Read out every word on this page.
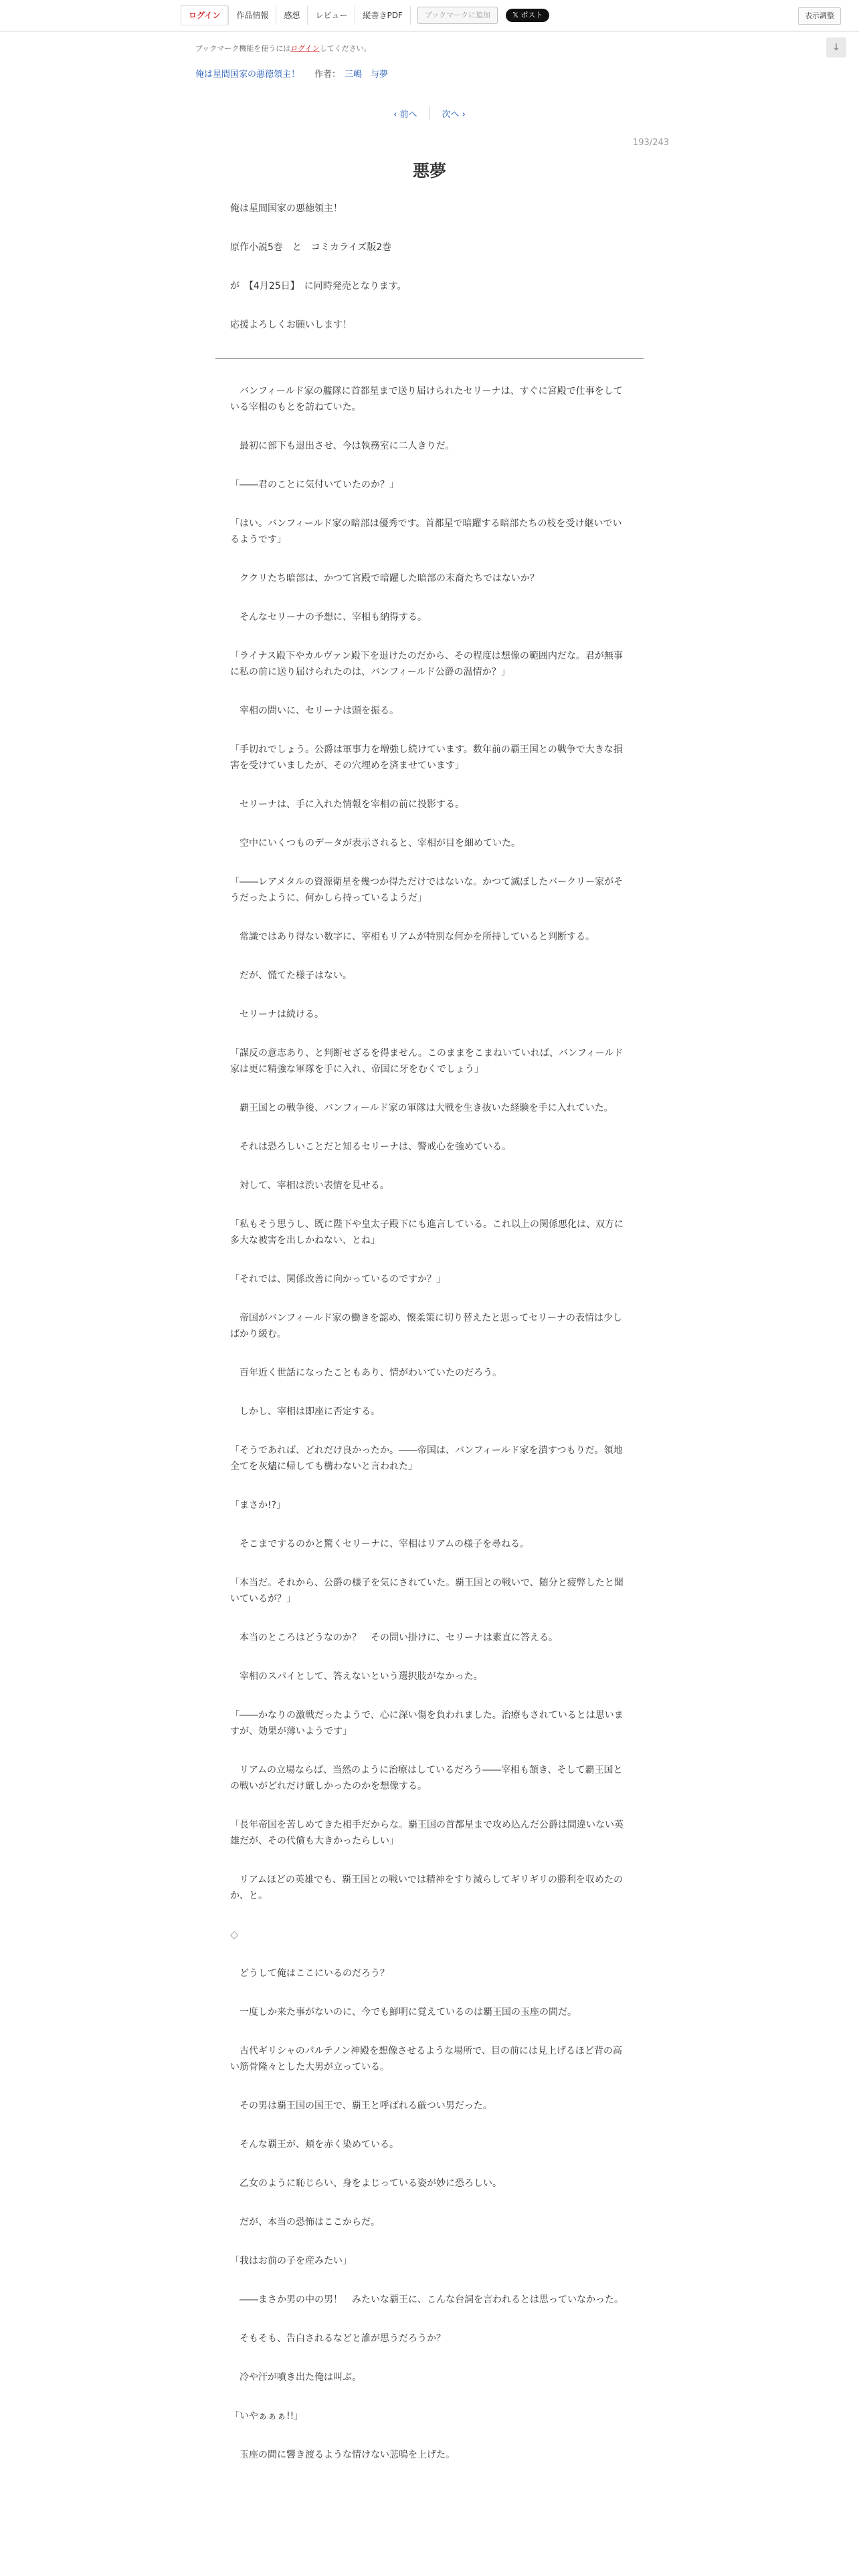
ログイン	作品情報	感想	レビュー	縦書きPDF	ブックマークに追加	𝕏 ポスト	表示調整
ブックマーク機能を使うにはログインしてください。	↓
俺は星間国家の悪徳領主！ 作者： 三嶋　与夢
‹ 前へ	次へ ›
193/243
悪夢

俺は星間国家の悪徳領主！

原作小説5巻　と　コミカライズ版2巻

が　【4月25日】　に同時発売となります。

応援よろしくお願いします！

　バンフィールド家の艦隊に首都星まで送り届けられたセリーナは、すぐに宮殿で仕事をしている宰相のもとを訪ねていた。

　最初に部下も退出させ、今は執務室に二人きりだ。

「――君のことに気付いていたのか？」

「はい。バンフィールド家の暗部は優秀です。首都星で暗躍する暗部たちの枝を受け継いでいるようです」

　ククリたち暗部は、かつて宮殿で暗躍した暗部の末裔たちではないか？

　そんなセリーナの予想に、宰相も納得する。

「ライナス殿下やカルヴァン殿下を退けたのだから、その程度は想像の範囲内だな。君が無事に私の前に送り届けられたのは、バンフィールド公爵の温情か？」

　宰相の問いに、セリーナは頭を振る。

「手切れでしょう。公爵は軍事力を増強し続けています。数年前の覇王国との戦争で大きな損害を受けていましたが、その穴埋めを済ませています」

　セリーナは、手に入れた情報を宰相の前に投影する。

　空中にいくつものデータが表示されると、宰相が目を細めていた。

「――レアメタルの資源衛星を幾つか得ただけではないな。かつて滅ぼしたバークリー家がそうだったように、何かしら持っているようだ」

　常識ではあり得ない数字に、宰相もリアムが特別な何かを所持していると判断する。

　だが、慌てた様子はない。

　セリーナは続ける。

「謀反の意志あり、と判断せざるを得ません。このままをこまねいていれば、バンフィールド家は更に精強な軍隊を手に入れ、帝国に牙をむくでしょう」

　覇王国との戦争後、バンフィールド家の軍隊は大戦を生き抜いた経験を手に入れていた。

　それは恐ろしいことだと知るセリーナは、警戒心を強めている。

　対して、宰相は渋い表情を見せる。

「私もそう思うし、既に陛下や皇太子殿下にも進言している。これ以上の関係悪化は、双方に多大な被害を出しかねない、とね」

「それでは、関係改善に向かっているのですか？」

　帝国がバンフィールド家の働きを認め、懐柔策に切り替えたと思ってセリーナの表情は少しばかり緩む。

　百年近く世話になったこともあり、情がわいていたのだろう。

　しかし、宰相は即座に否定する。

「そうであれば、どれだけ良かったか。――帝国は、バンフィールド家を潰すつもりだ。領地全てを灰燼に帰しても構わないと言われた」

「まさか!?」

　そこまでするのかと驚くセリーナに、宰相はリアムの様子を尋ねる。

「本当だ。それから、公爵の様子を気にされていた。覇王国との戦いで、随分と疲弊したと聞いているが？」

　本当のところはどうなのか？　その問い掛けに、セリーナは素直に答える。

　宰相のスパイとして、答えないという選択肢がなかった。

「――かなりの激戦だったようで、心に深い傷を負われました。治療もされているとは思いますが、効果が薄いようです」

　リアムの立場ならば、当然のように治療はしているだろう――宰相も頷き、そして覇王国との戦いがどれだけ厳しかったのかを想像する。

「長年帝国を苦しめてきた相手だからな。覇王国の首都星まで攻め込んだ公爵は間違いない英雄だが、その代償も大きかったらしい」

　リアムほどの英雄でも、覇王国との戦いでは精神をすり減らしてギリギリの勝利を収めたのか、と。

◇

　どうして俺はここにいるのだろう？

　一度しか来た事がないのに、今でも鮮明に覚えているのは覇王国の玉座の間だ。

　古代ギリシャのパルテノン神殿を想像させるような場所で、目の前には見上げるほど背の高い筋骨隆々とした大男が立っている。

　その男は覇王国の国王で、覇王と呼ばれる厳つい男だった。

　そんな覇王が、頬を赤く染めている。

　乙女のように恥じらい、身をよじっている姿が妙に恐ろしい。

　だが、本当の恐怖はここからだ。

「我はお前の子を産みたい」

　――まさか男の中の男！　みたいな覇王に、こんな台詞を言われるとは思っていなかった。

　そもそも、告白されるなどと誰が思うだろうか？

　冷や汗が噴き出た俺は叫ぶ。

「いやぁぁぁ!!」

　玉座の間に響き渡るような情けない悲鳴を上げた。
